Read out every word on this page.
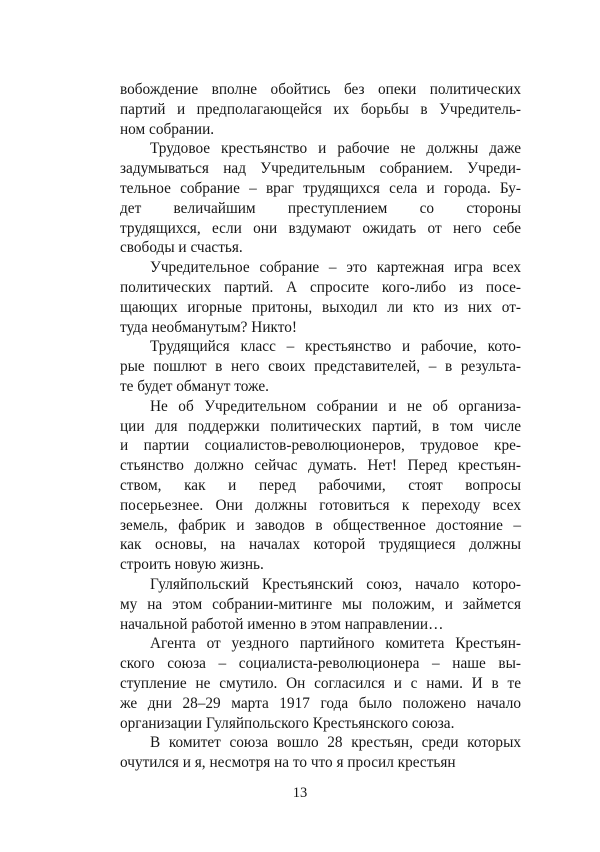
вобождение вполне обойтись без опеки политических
партий и предполагающейся их борьбы в Учредитель-
ном собрании.
Трудовое крестьянство и рабочие не должны даже
задумываться над Учредительным собранием. Учреди-
тельное собрание – враг трудящихся села и города. Бу-
дет величайшим преступлением со стороны
трудящихся, если они вздумают ожидать от него себе
свободы и счастья.
Учредительное собрание – это картежная игра всех
политических партий. А спросите кого-либо из посе-
щающих игорные притоны, выходил ли кто из них от-
туда необманутым? Никто!
Трудящийся класс – крестьянство и рабочие, кото-
рые пошлют в него своих представителей, – в результа-
те будет обманут тоже.
Не об Учредительном собрании и не об организа-
ции для поддержки политических партий, в том числе
и партии социалистов-революционеров, трудовое кре-
стьянство должно сейчас думать. Нет! Перед крестьян-
ством, как и перед рабочими, стоят вопросы
посерьезнее. Они должны готовиться к переходу всех
земель, фабрик и заводов в общественное достояние –
как основы, на началах которой трудящиеся должны
строить новую жизнь.
Гуляйпольский Крестьянский союз, начало которо-
му на этом собрании-митинге мы положим, и займется
начальной работой именно в этом направлении…
Агента от уездного партийного комитета Крестьян-
ского союза – социалиста-революционера – наше вы-
ступление не смутило. Он согласился и с нами. И в те
же дни 28–29 марта 1917 года было положено начало
организации Гуляйпольского Крестьянского союза.
В комитет союза вошло 28 крестьян, среди которых
очутился и я, несмотря на то что я просил крестьян
13
